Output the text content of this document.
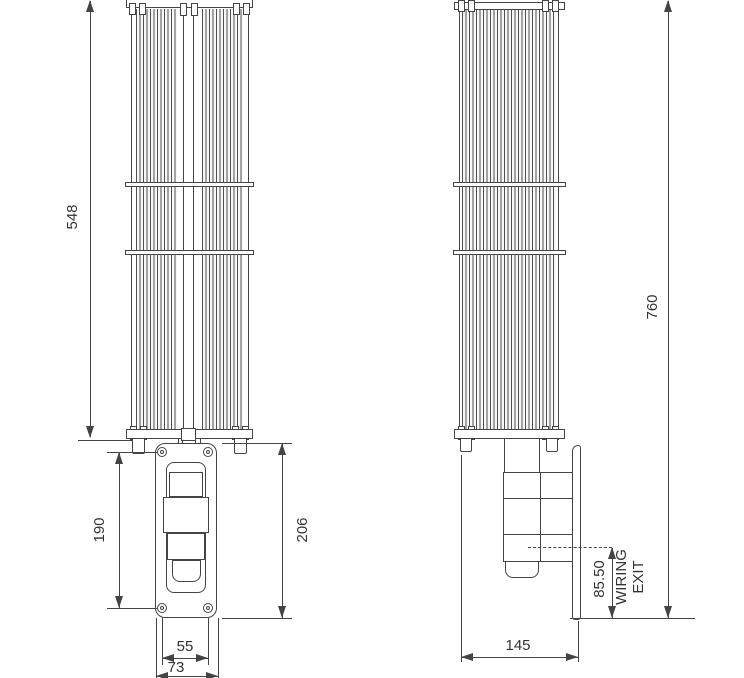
548
190	206
55
73
85.50 WIRING EXIT
760
145
